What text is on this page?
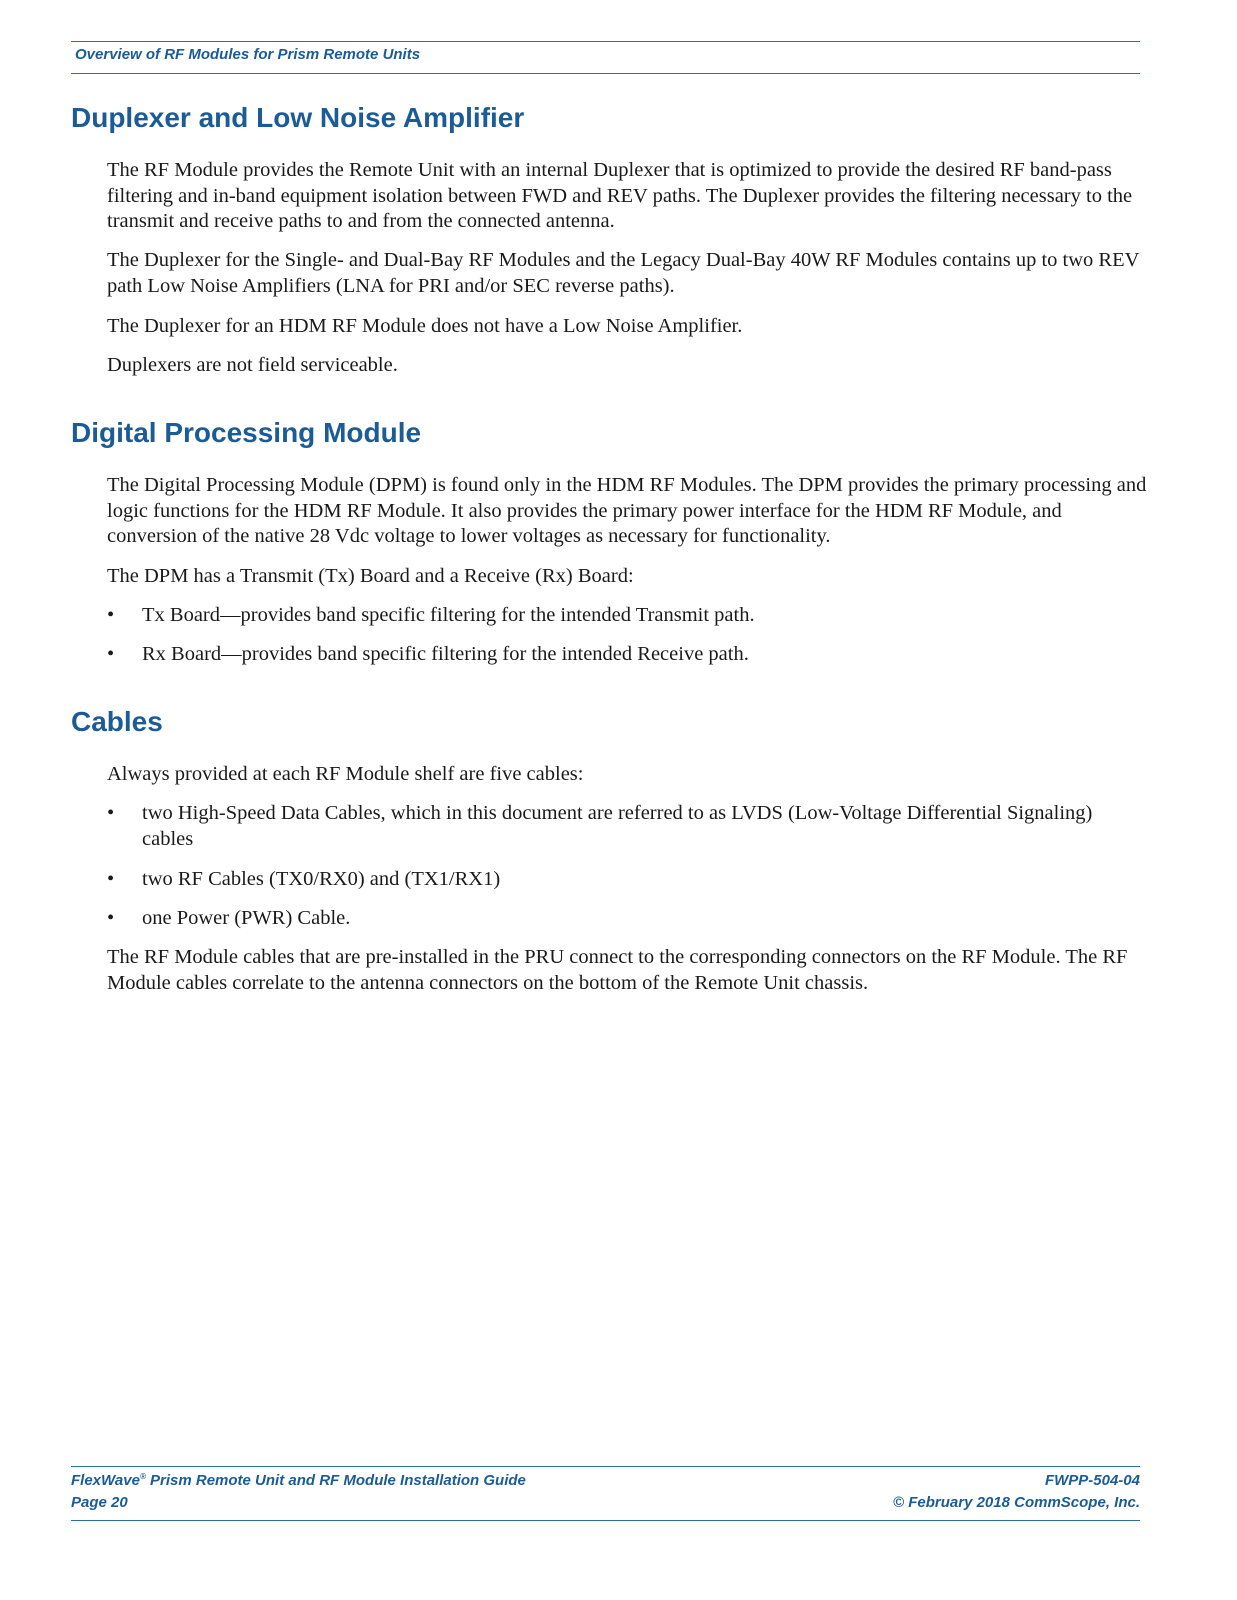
Overview of RF Modules for Prism Remote Units
Duplexer and Low Noise Amplifier

The RF Module provides the Remote Unit with an internal Duplexer that is optimized to provide the desired RF band-pass filtering and in-band equipment isolation between FWD and REV paths. The Duplexer provides the filtering necessary to the transmit and receive paths to and from the connected antenna.

The Duplexer for the Single- and Dual-Bay RF Modules and the Legacy Dual-Bay 40W RF Modules contains up to two REV path Low Noise Amplifiers (LNA for PRI and/or SEC reverse paths).

The Duplexer for an HDM RF Module does not have a Low Noise Amplifier.

Duplexers are not field serviceable.

Digital Processing Module

The Digital Processing Module (DPM) is found only in the HDM RF Modules. The DPM provides the primary processing and logic functions for the HDM RF Module. It also provides the primary power interface for the HDM RF Module, and conversion of the native 28 Vdc voltage to lower voltages as necessary for functionality.

The DPM has a Transmit (Tx) Board and a Receive (Rx) Board:

•	Tx Board—provides band specific filtering for the intended Transmit path.
•	Rx Board—provides band specific filtering for the intended Receive path.
Cables

Always provided at each RF Module shelf are five cables:

•	two High-Speed Data Cables, which in this document are referred to as LVDS (Low-Voltage Differential Signaling) cables
•	two RF Cables (TX0/RX0) and (TX1/RX1)
•	one Power (PWR) Cable.

The RF Module cables that are pre-installed in the PRU connect to the corresponding connectors on the RF Module. The RF Module cables correlate to the antenna connectors on the bottom of the Remote Unit chassis.

FlexWave® Prism Remote Unit and RF Module Installation Guide
Page 20
FWPP-504-04
© February 2018 CommScope, Inc.
